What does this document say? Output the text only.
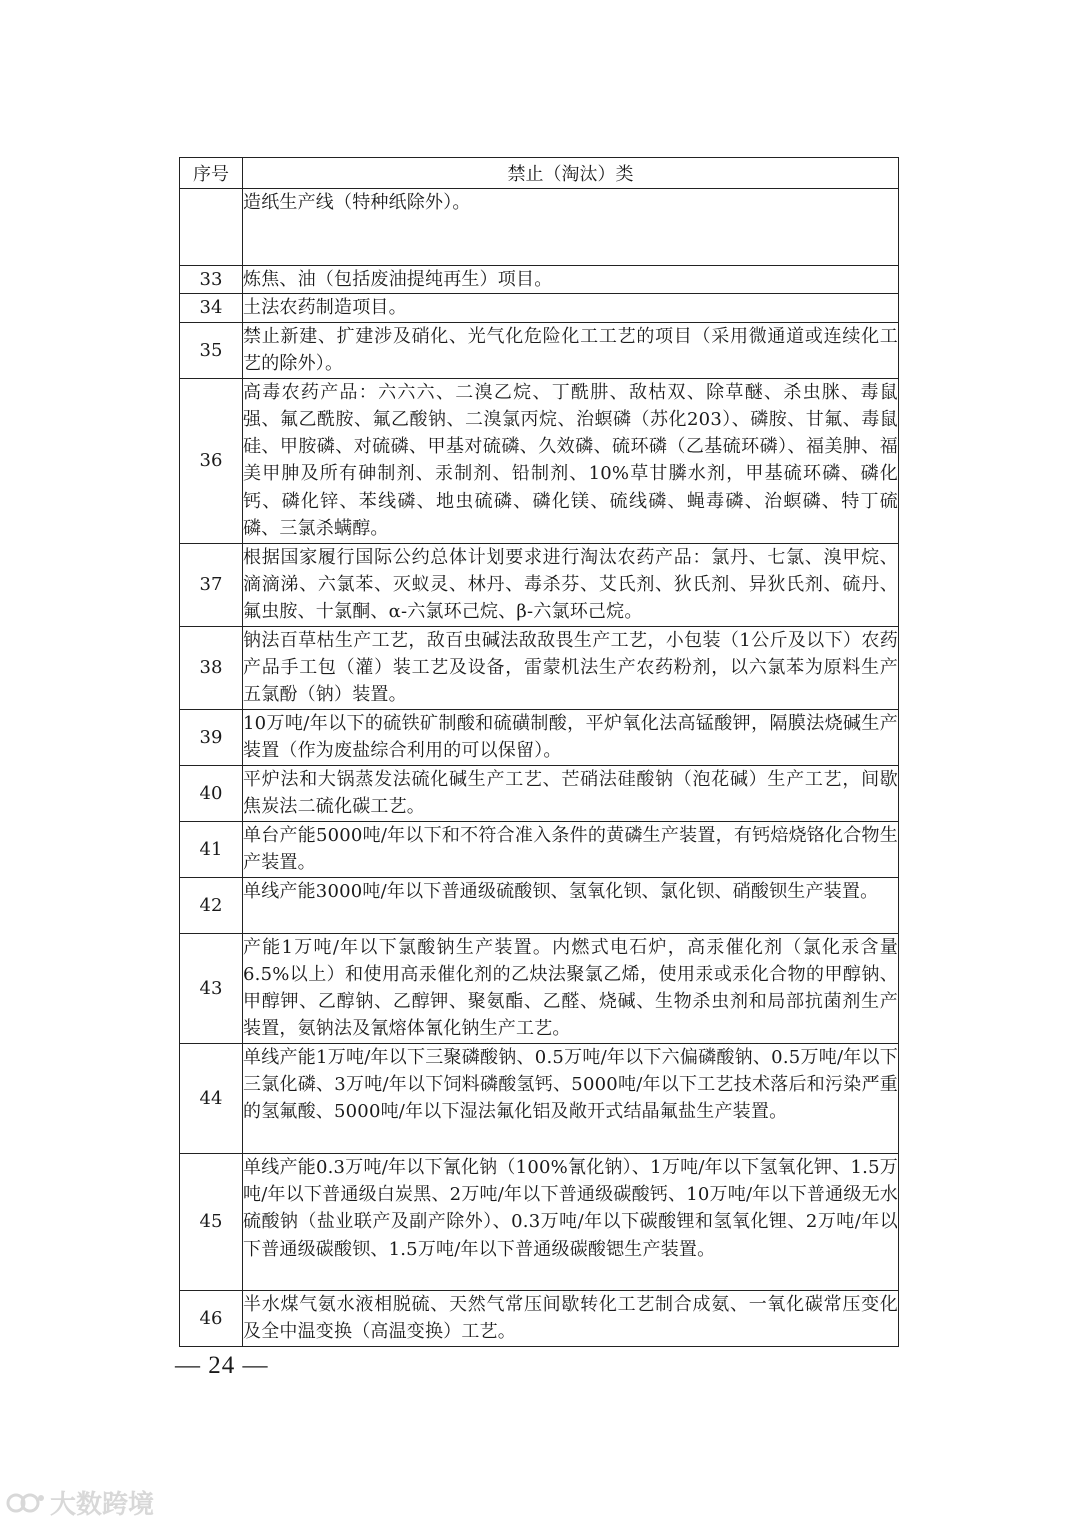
序号	禁止（淘汰）类
	造纸生产线（特种纸除外）。
33	炼焦、油（包括废油提纯再生）项目。
34	土法农药制造项目。
35	禁止新建、扩建涉及硝化、光气化危险化工工艺的项目（采用微通道或连续化工艺的除外）。
36	高毒农药产品：六六六、二溴乙烷、丁酰肼、敌枯双、除草醚、杀虫脒、毒鼠强、氟乙酰胺、氟乙酸钠、二溴氯丙烷、治螟磷（苏化203）、磷胺、甘氟、毒鼠硅、甲胺磷、对硫磷、甲基对硫磷、久效磷、硫环磷（乙基硫环磷）、福美胂、福美甲胂及所有砷制剂、汞制剂、铅制剂、10%草甘膦水剂，甲基硫环磷、磷化钙、磷化锌、苯线磷、地虫硫磷、磷化镁、硫线磷、蝇毒磷、治螟磷、特丁硫磷、三氯杀螨醇。
37	根据国家履行国际公约总体计划要求进行淘汰农药产品：氯丹、七氯、溴甲烷、滴滴涕、六氯苯、灭蚁灵、林丹、毒杀芬、艾氏剂、狄氏剂、异狄氏剂、硫丹、氟虫胺、十氯酮、α-六氯环己烷、β-六氯环己烷。
38	钠法百草枯生产工艺，敌百虫碱法敌敌畏生产工艺，小包装（1公斤及以下）农药产品手工包（灌）装工艺及设备，雷蒙机法生产农药粉剂，以六氯苯为原料生产五氯酚（钠）装置。
39	10万吨/年以下的硫铁矿制酸和硫磺制酸，平炉氧化法高锰酸钾，隔膜法烧碱生产装置（作为废盐综合利用的可以保留）。
40	平炉法和大锅蒸发法硫化碱生产工艺、芒硝法硅酸钠（泡花碱）生产工艺，间歇焦炭法二硫化碳工艺。
41	单台产能5000吨/年以下和不符合准入条件的黄磷生产装置，有钙焙烧铬化合物生产装置。
42	单线产能3000吨/年以下普通级硫酸钡、氢氧化钡、氯化钡、硝酸钡生产装置。
43	产能1万吨/年以下氯酸钠生产装置。内燃式电石炉，高汞催化剂（氯化汞含量6.5%以上）和使用高汞催化剂的乙炔法聚氯乙烯，使用汞或汞化合物的甲醇钠、甲醇钾、乙醇钠、乙醇钾、聚氨酯、乙醛、烧碱、生物杀虫剂和局部抗菌剂生产装置，氨钠法及氰熔体氰化钠生产工艺。
44	单线产能1万吨/年以下三聚磷酸钠、0.5万吨/年以下六偏磷酸钠、0.5万吨/年以下三氯化磷、3万吨/年以下饲料磷酸氢钙、5000吨/年以下工艺技术落后和污染严重的氢氟酸、5000吨/年以下湿法氟化铝及敞开式结晶氟盐生产装置。
45	单线产能0.3万吨/年以下氰化钠（100%氰化钠）、1万吨/年以下氢氧化钾、1.5万吨/年以下普通级白炭黑、2万吨/年以下普通级碳酸钙、10万吨/年以下普通级无水硫酸钠（盐业联产及副产除外）、0.3万吨/年以下碳酸锂和氢氧化锂、2万吨/年以下普通级碳酸钡、1.5万吨/年以下普通级碳酸锶生产装置。
46	半水煤气氨水液相脱硫、天然气常压间歇转化工艺制合成氨、一氧化碳常压变化及全中温变换（高温变换）工艺。
— 24 —
大数跨境
